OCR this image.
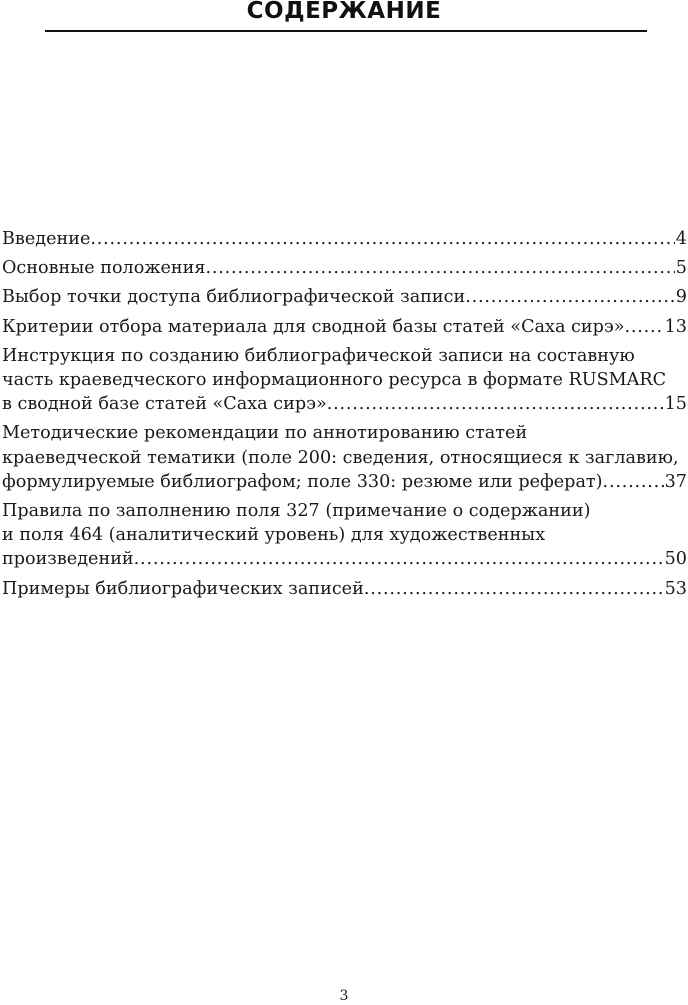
СОДЕРЖАНИЕ
Введение .....	4
Основные положения .....	5
Выбор точки доступа библиографической записи .....	9
Критерии отбора материала для сводной базы статей «Саха сирэ» ..... 13
Инструкция по созданию библиографической записи на составную
часть краеведческого информационного ресурса в формате RUSMARC
в сводной базе статей «Саха сирэ» .....	15
Методические рекомендации по аннотированию статей
краеведческой тематики (поле 200: сведения, относящиеся к заглавию,
формулируемые библиографом; поле 330: резюме или реферат) .....	37
Правила по заполнению поля 327 (примечание о содержании)
и поля 464 (аналитический уровень) для художественных
произведений .....	50
Примеры библиографических записей .....	53
3
